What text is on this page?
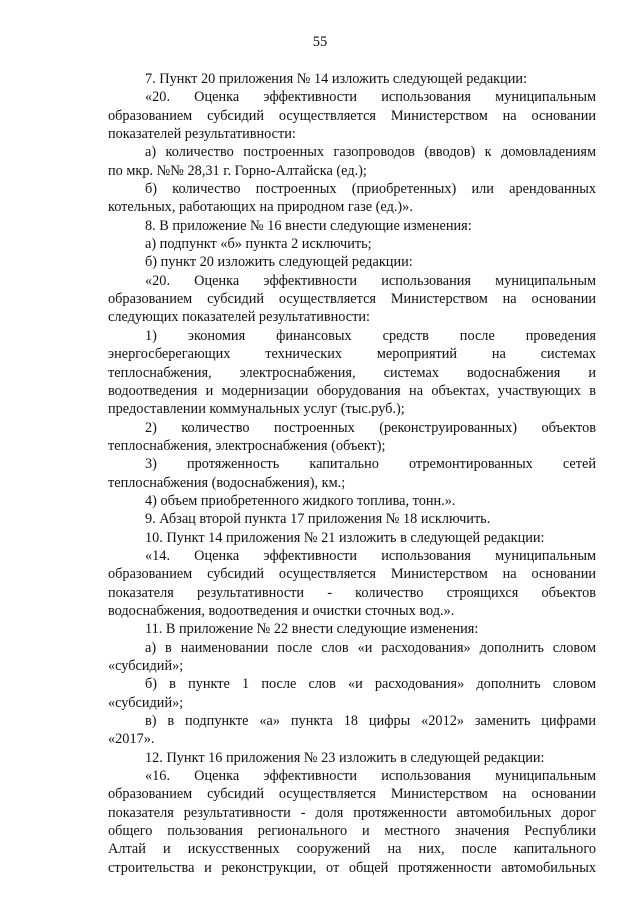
55
7. Пункт 20 приложения № 14 изложить следующей редакции:
«20. Оценка эффективности использования муниципальным
образованием субсидий осуществляется Министерством на основании
показателей результативности:
а) количество построенных газопроводов (вводов) к домовладениям
по мкр. №№ 28,31 г. Горно-Алтайска (ед.);
б) количество построенных (приобретенных) или арендованных
котельных, работающих на природном газе (ед.)».
8. В приложение № 16 внести следующие изменения:
а) подпункт «б» пункта 2 исключить;
б) пункт 20 изложить следующей редакции:
«20. Оценка эффективности использования муниципальным
образованием субсидий осуществляется Министерством на основании
следующих показателей результативности:
1) экономия финансовых средств после проведения
энергосберегающих технических мероприятий на системах
теплоснабжения, электроснабжения, системах водоснабжения и
водоотведения и модернизации оборудования на объектах, участвующих в
предоставлении коммунальных услуг (тыс.руб.);
2) количество построенных (реконструированных) объектов
теплоснабжения, электроснабжения (объект);
3) протяженность капитально отремонтированных сетей
теплоснабжения (водоснабжения), км.;
4) объем приобретенного жидкого топлива, тонн.».
9. Абзац второй пункта 17 приложения № 18 исключить.
10. Пункт 14 приложения № 21 изложить в следующей редакции:
«14. Оценка эффективности использования муниципальным
образованием субсидий осуществляется Министерством на основании
показателя результативности - количество строящихся объектов
водоснабжения, водоотведения и очистки сточных вод.».
11. В приложение № 22 внести следующие изменения:
а) в наименовании после слов «и расходования» дополнить словом
«субсидий»;
б) в пункте 1 после слов «и расходования» дополнить словом
«субсидий»;
в) в подпункте «а» пункта 18 цифры «2012» заменить цифрами
«2017».
12. Пункт 16 приложения № 23 изложить в следующей редакции:
«16. Оценка эффективности использования муниципальным
образованием субсидий осуществляется Министерством на основании
показателя результативности - доля протяженности автомобильных дорог
общего пользования регионального и местного значения Республики
Алтай и искусственных сооружений на них, после капитального
строительства и реконструкции, от общей протяженности автомобильных
